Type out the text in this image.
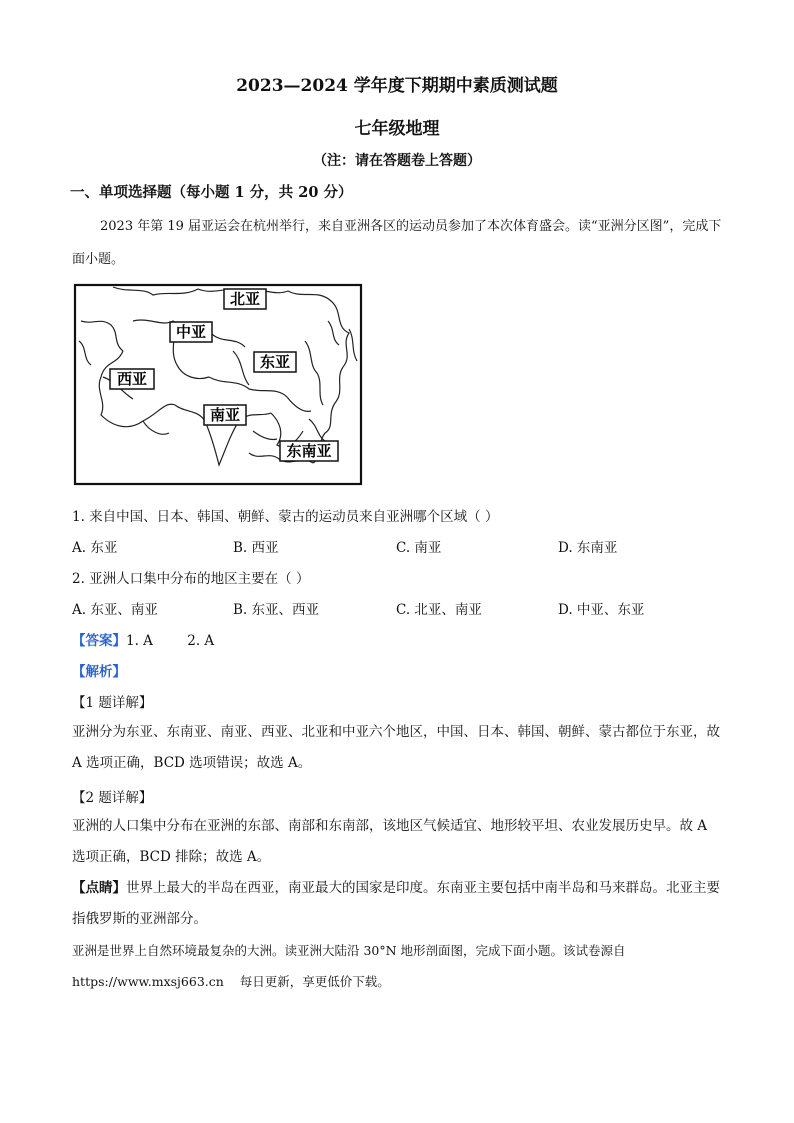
2023—2024 学年度下期期中素质测试题
七年级地理
（注：请在答题卷上答题）
一、单项选择题（每小题 1 分，共 20 分）
2023 年第 19 届亚运会在杭州举行，来自亚洲各区的运动员参加了本次体育盛会。读“亚洲分区图”，完成下面小题。
北亚
中亚
东亚
西亚
南亚
东南亚
1. 来自中国、日本、韩国、朝鲜、蒙古的运动员来自亚洲哪个区域（ ）
A. 东亚	B. 西亚	C. 南亚	D. 东南亚
2. 亚洲人口集中分布的地区主要在（ ）
A. 东亚、南亚	B. 东亚、西亚	C. 北亚、南亚	D. 中亚、东亚
【答案】1. A        2. A
【解析】
【1 题详解】
亚洲分为东亚、东南亚、南亚、西亚、北亚和中亚六个地区，中国、日本、韩国、朝鲜、蒙古都位于东亚，故 A 选项正确，BCD 选项错误；故选 A。
【2 题详解】
亚洲的人口集中分布在亚洲的东部、南部和东南部，该地区气候适宜、地形较平坦、农业发展历史早。故 A 选项正确，BCD 排除；故选 A。
【点睛】世界上最大的半岛在西亚，南亚最大的国家是印度。东南亚主要包括中南半岛和马来群岛。北亚主要指俄罗斯的亚洲部分。
亚洲是世界上自然环境最复杂的大洲。读亚洲大陆沿 30°N 地形剖面图，完成下面小题。该试卷源自
https://www.mxsj663.cn    每日更新，享更低价下载。
